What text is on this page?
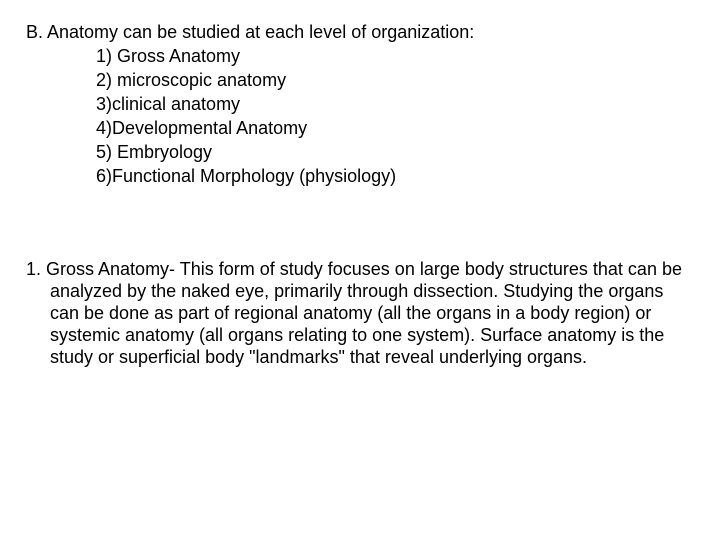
B. Anatomy can be studied at each level of organization:
1) Gross Anatomy
2) microscopic anatomy
3)clinical anatomy
4)Developmental Anatomy
5) Embryology
6)Functional Morphology (physiology)
1. Gross Anatomy- This form of study focuses on large body structures that can be analyzed by the naked eye, primarily through dissection. Studying the organs can be done as part of regional anatomy (all the organs in a body region) or systemic anatomy (all organs relating to one system). Surface anatomy is the study or superficial body "landmarks" that reveal underlying organs.
